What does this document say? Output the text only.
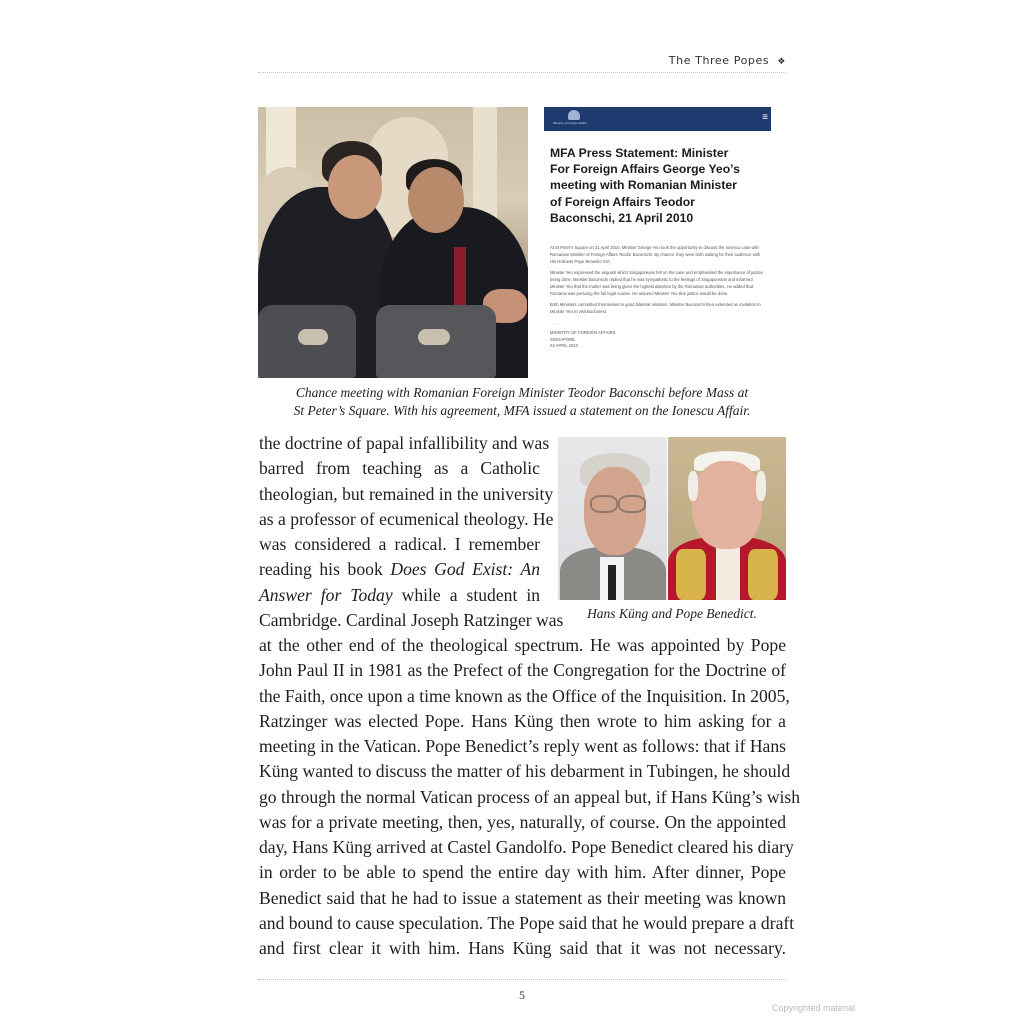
The Three Popes ❖
Ministry of Foreign Affairs	≡
MFA Press Statement: Minister For Foreign Affairs George Yeo’s meeting with Romanian Minister of Foreign Affairs Teodor Baconschi, 21 April 2010
At St Peter’s Square on 21 April 2010, Minister George Yeo took the opportunity to discuss the Ionescu case with Romanian Minister of Foreign Affairs Teodor Baconschi. By chance, they were both waiting for their audience with His Holiness Pope Benedict XVI.
Minister Yeo expressed the anguish which Singaporeans felt on the case and emphasised the importance of justice being done. Minister Baconschi replied that he was sympathetic to the feelings of Singaporeans and informed Minister Yeo that the matter was being given the highest attention by the Romanian authorities. He added that Romania was pursuing the full legal course. He assured Minister Yeo that justice would be done.
Both Ministers committed themselves to good bilateral relations. Minister Baconschi then extended an invitation to Minister Yeo to visit Bucharest.
. . . . .
MINISTRY OF FOREIGN AFFAIRS
SINGAPORE
22 APRIL 2010
Chance meeting with Romanian Foreign Minister Teodor Baconschi before Mass at
St Peter’s Square. With his agreement, MFA issued a statement on the Ionescu Affair.
Hans Küng and Pope Benedict.
the doctrine of papal infallibility and was
barred from teaching as a Catholic
theologian, but remained in the university
as a professor of ecumenical theology. He
was considered a radical. I remember
reading his book Does God Exist: An
Answer for Today while a student in
Cambridge. Cardinal Joseph Ratzinger was
at the other end of the theological spectrum. He was appointed by Pope
John Paul II in 1981 as the Prefect of the Congregation for the Doctrine of
the Faith, once upon a time known as the Office of the Inquisition. In 2005,
Ratzinger was elected Pope. Hans Küng then wrote to him asking for a
meeting in the Vatican. Pope Benedict’s reply went as follows: that if Hans
Küng wanted to discuss the matter of his debarment in Tubingen, he should
go through the normal Vatican process of an appeal but, if Hans Küng’s wish
was for a private meeting, then, yes, naturally, of course. On the appointed
day, Hans Küng arrived at Castel Gandolfo. Pope Benedict cleared his diary
in order to be able to spend the entire day with him. After dinner, Pope
Benedict said that he had to issue a statement as their meeting was known
and bound to cause speculation. The Pope said that he would prepare a draft
and first clear it with him. Hans Küng said that it was not necessary.
5
Copyrighted material
